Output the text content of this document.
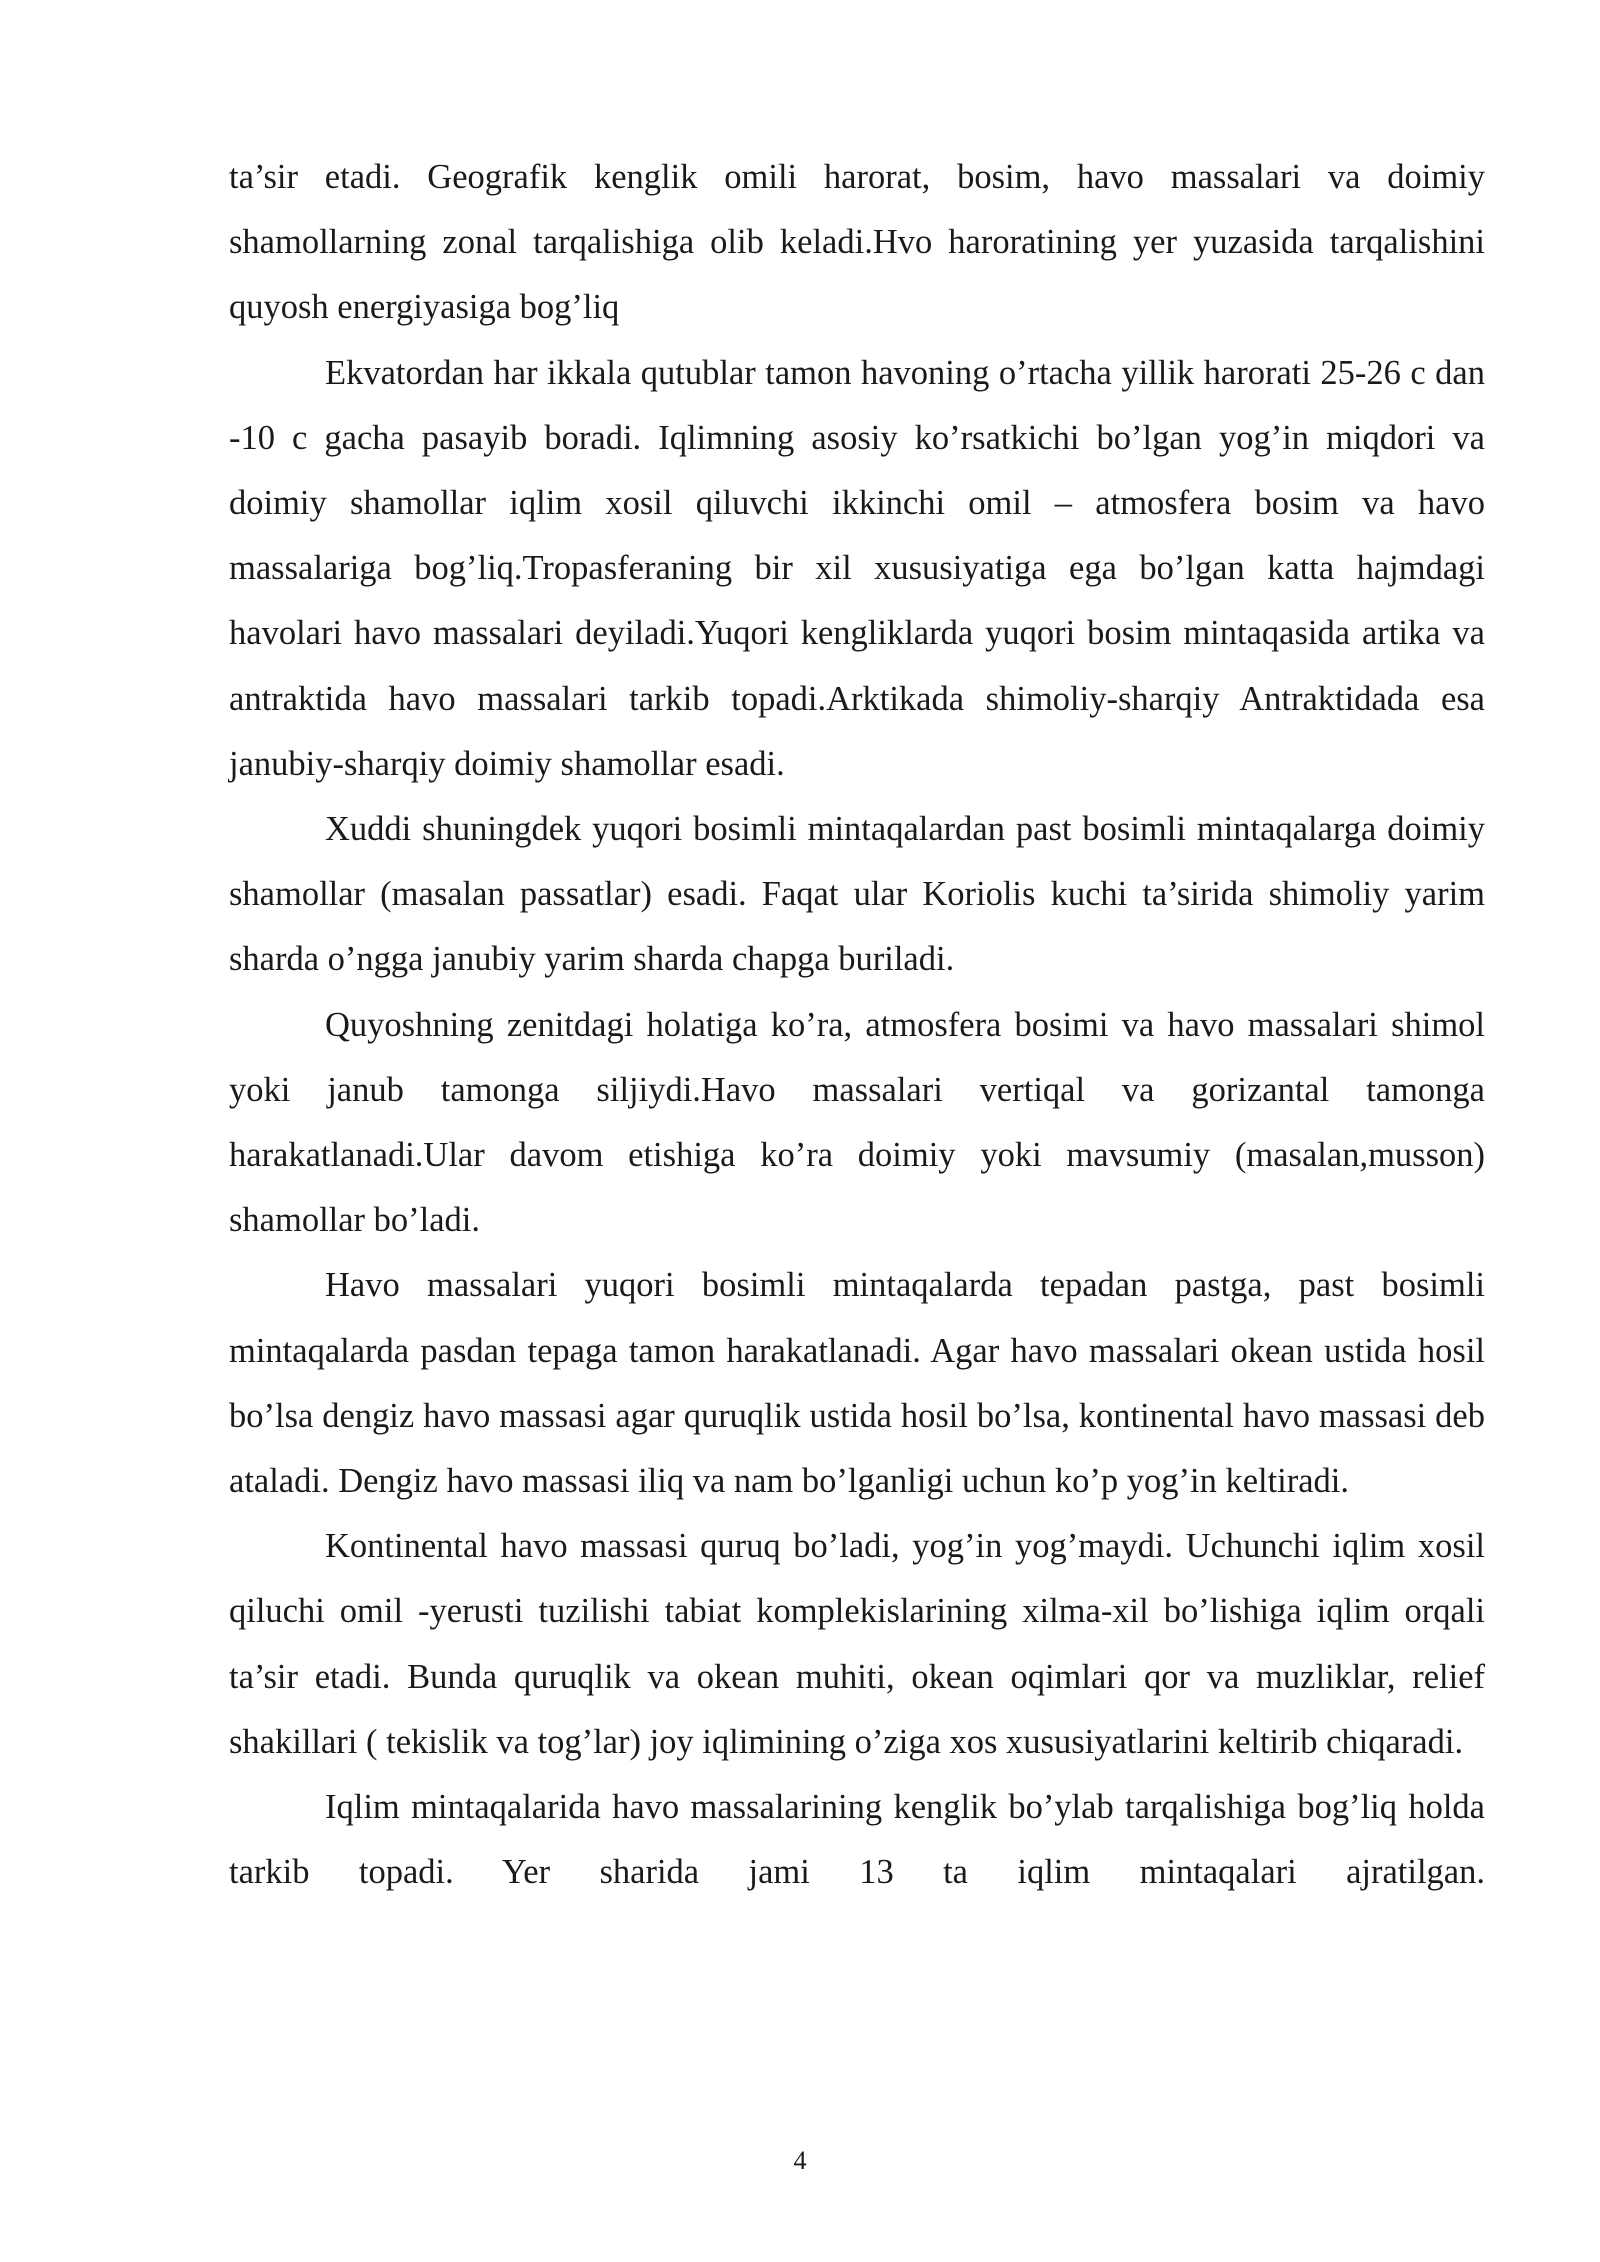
ta’sir etadi. Geografik kenglik omili harorat, bosim, havo massalari va doimiy shamollarning zonal tarqalishiga olib keladi.Hvo haroratining yer yuzasida tarqalishini quyosh energiyasiga bog’liq

Ekvatordan har ikkala qutublar tamon havoning o’rtacha yillik harorati 25-26 c dan -10 c gacha pasayib boradi. Iqlimning asosiy ko’rsatkichi bo’lgan yog’in miqdori va doimiy shamollar iqlim xosil qiluvchi ikkinchi omil – atmosfera bosim va havo massalariga bog’liq.Tropasferaning bir xil xususiyatiga ega bo’lgan katta hajmdagi havolari havo massalari deyiladi.Yuqori kengliklarda yuqori bosim mintaqasida artika va antraktida havo massalari tarkib topadi.Arktikada shimoliy-sharqiy Antraktidada esa janubiy-sharqiy doimiy shamollar esadi.

Xuddi shuningdek yuqori bosimli mintaqalardan past bosimli mintaqalarga doimiy shamollar (masalan passatlar) esadi. Faqat ular Koriolis kuchi ta’sirida shimoliy yarim sharda o’ngga janubiy yarim sharda chapga buriladi.

Quyoshning zenitdagi holatiga ko’ra, atmosfera bosimi va havo massalari shimol yoki janub tamonga siljiydi.Havo massalari vertiqal va gorizantal tamonga harakatlanadi.Ular davom etishiga ko’ra doimiy yoki mavsumiy (masalan,musson) shamollar bo’ladi.

Havo massalari yuqori bosimli mintaqalarda tepadan pastga, past bosimli mintaqalarda pasdan tepaga tamon harakatlanadi. Agar havo massalari okean ustida hosil bo’lsa dengiz havo massasi agar quruqlik ustida hosil bo’lsa, kontinental havo massasi deb ataladi. Dengiz havo massasi iliq va nam bo’lganligi uchun ko’p yog’in keltiradi.

Kontinental havo massasi quruq bo’ladi, yog’in yog’maydi. Uchunchi iqlim xosil qiluchi omil -yerusti tuzilishi tabiat komplekislarining xilma-xil bo’lishiga iqlim orqali ta’sir etadi. Bunda quruqlik va okean muhiti, okean oqimlari qor va muzliklar, relief shakillari ( tekislik va tog’lar) joy iqlimining o’ziga xos xususiyatlarini keltirib chiqaradi.

Iqlim mintaqalarida havo massalarining kenglik bo’ylab tarqalishiga bog’liq holda tarkib topadi. Yer sharida jami 13 ta iqlim mintaqalari ajratilgan.

4
